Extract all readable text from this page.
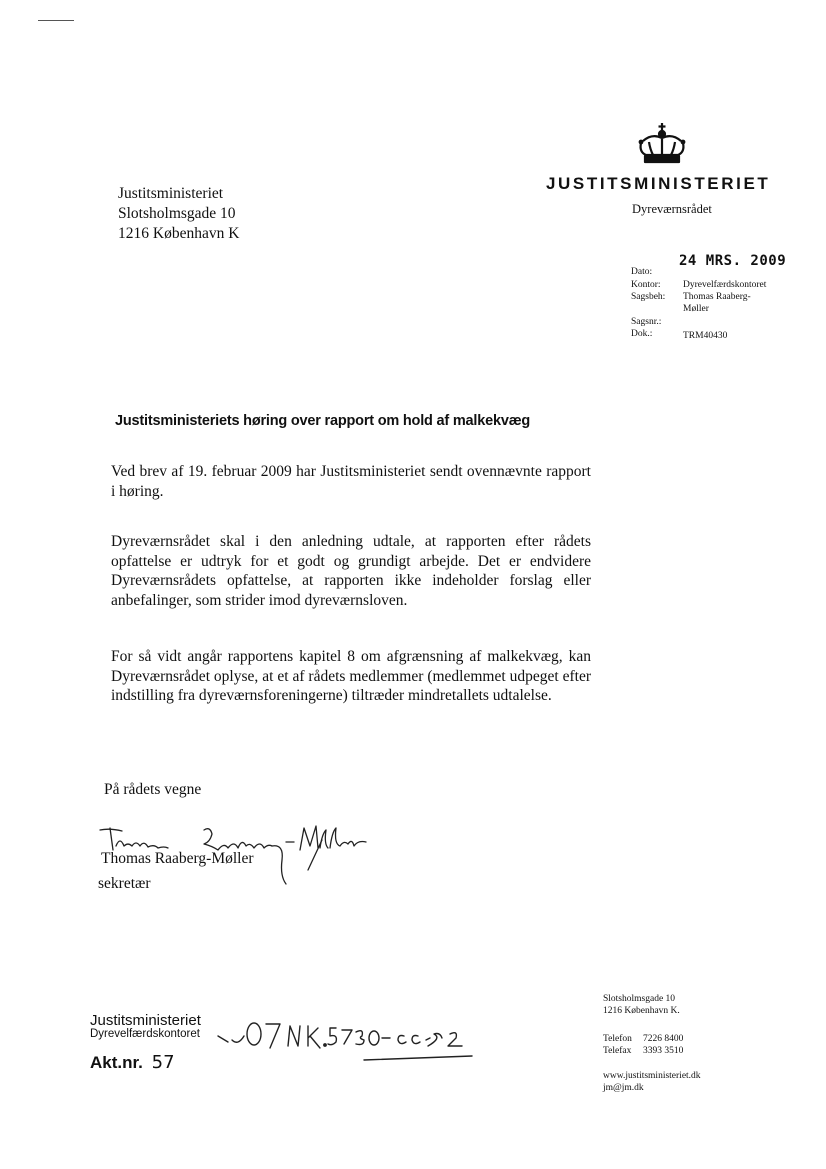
Justitsministeriet
Slotsholmsgade 10
1216 København K
JUSTITSMINISTERIET
Dyreværnsrådet
Dato:
24 MRS. 2009
Kontor: Dyrevelfærdskontoret
Sagsbeh: Thomas Raaberg-
Møller
Sagsnr.:
Dok.:	TRM40430
Justitsministeriets høring over rapport om hold af malkekvæg
Ved brev af 19. februar 2009 har Justitsministeriet sendt ovennævnte rapport i høring.
Dyreværnsrådet skal i den anledning udtale, at rapporten efter rådets opfattelse er udtryk for et godt og grundigt arbejde. Det er endvidere Dyreværnsrådets opfattelse, at rapporten ikke indeholder forslag eller anbefalinger, som strider imod dyreværnsloven.
For så vidt angår rapportens kapitel 8 om afgrænsning af malkekvæg, kan Dyreværnsrådet oplyse, at et af rådets medlemmer (medlemmet udpeget efter indstilling fra dyreværnsforeningerne) tiltræder mindretallets udtalelse.
På rådets vegne
Thomas Raaberg-Møller
sekretær
Justitsministeriet
Dyrevelfærdskontoret
Akt.nr. 57
Slotsholmsgade 10
1216 København K.
Telefon 7226 8400
Telefax 3393 3510
www.justitsministeriet.dk
jm@jm.dk
